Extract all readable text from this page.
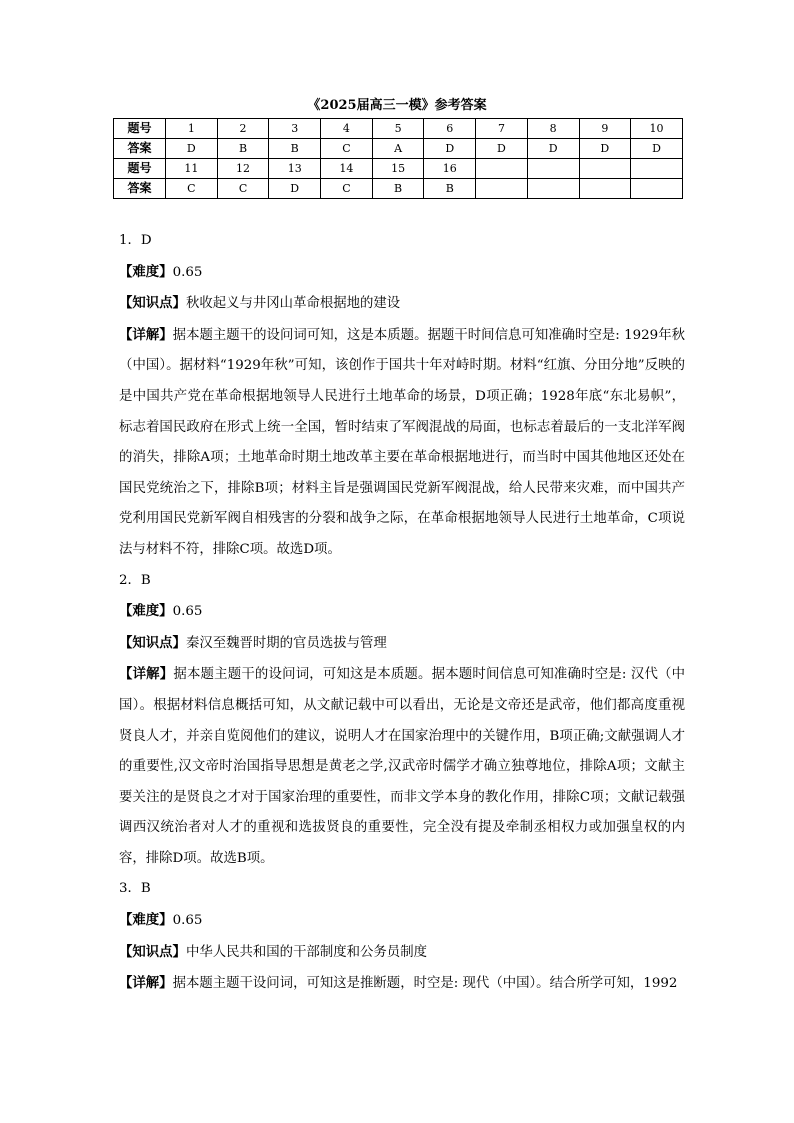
《2025届高三一模》参考答案
题号	1	2	3	4	5	6	7	8	9	10
答案	D	B	B	C	A	D	D	D	D	D
题号	11	12	13	14	15	16				
答案	C	C	D	C	B	B				

1．D

【难度】0.65

【知识点】秋收起义与井冈山革命根据地的建设

【详解】据本题主题干的设问词可知，这是本质题。据题干时间信息可知准确时空是: 1929年秋（中国）。据材料“1929年秋”可知，该创作于国共十年对峙时期。材料“红旗、分田分地”反映的是中国共产党在革命根据地领导人民进行土地革命的场景，D项正确；1928年底“东北易帜”，标志着国民政府在形式上统一全国，暂时结束了军阀混战的局面，也标志着最后的一支北洋军阀的消失，排除A项；土地革命时期土地改革主要在革命根据地进行，而当时中国其他地区还处在国民党统治之下，排除B项；材料主旨是强调国民党新军阀混战，给人民带来灾难，而中国共产党利用国民党新军阀自相残害的分裂和战争之际，在革命根据地领导人民进行土地革命，C项说法与材料不符，排除C项。故选D项。

2．B

【难度】0.65

【知识点】秦汉至魏晋时期的官员选拔与管理

【详解】据本题主题干的设问词，可知这是本质题。据本题时间信息可知准确时空是: 汉代（中国）。根据材料信息概括可知，从文献记载中可以看出，无论是文帝还是武帝，他们都高度重视贤良人才，并亲自览阅他们的建议，说明人才在国家治理中的关键作用，B项正确;文献强调人才的重要性,汉文帝时治国指导思想是黄老之学,汉武帝时儒学才确立独尊地位，排除A项；文献主要关注的是贤良之才对于国家治理的重要性，而非文学本身的教化作用，排除C项；文献记载强调西汉统治者对人才的重视和选拔贤良的重要性，完全没有提及牵制丞相权力或加强皇权的内容，排除D项。故选B项。

3．B

【难度】0.65

【知识点】中华人民共和国的干部制度和公务员制度

【详解】据本题主题干设问词，可知这是推断题，时空是: 现代（中国）。结合所学可知，1992
